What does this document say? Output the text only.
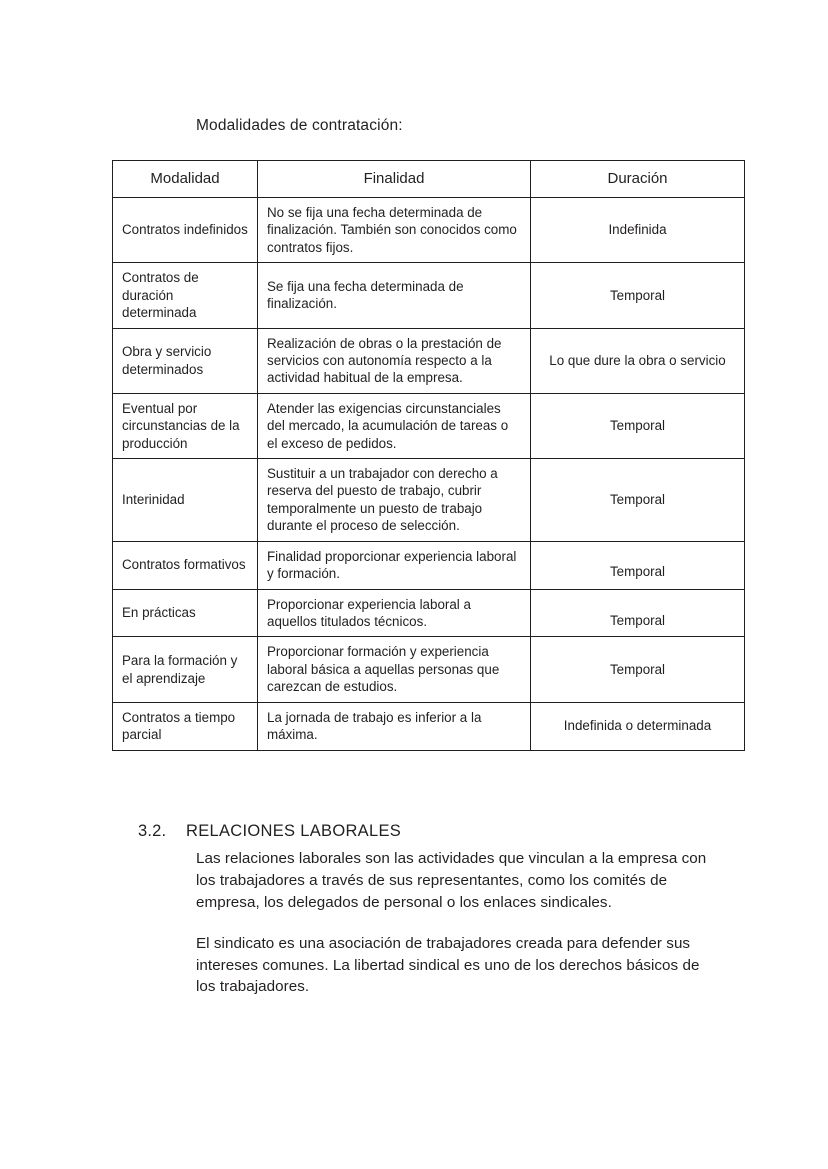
Modalidades de contratación:
Modalidad	Finalidad	Duración
Contratos indefinidos	No se fija una fecha determinada de finalización. También son conocidos como contratos fijos.	Indefinida
Contratos de duración determinada	Se fija una fecha determinada de finalización.	Temporal
Obra y servicio determinados	Realización de obras o la prestación de servicios con autonomía respecto a la actividad habitual de la empresa.	Lo que dure la obra o servicio
Eventual por circunstancias de la producción	Atender las exigencias circunstanciales del mercado, la acumulación de tareas o el exceso de pedidos.	Temporal
Interinidad	Sustituir a un trabajador con derecho a reserva del puesto de trabajo, cubrir temporalmente un puesto de trabajo durante el proceso de selección.	Temporal
Contratos formativos	Finalidad proporcionar experiencia laboral y formación.	Temporal
En prácticas	Proporcionar experiencia laboral a aquellos titulados técnicos.	Temporal
Para la formación y el aprendizaje	Proporcionar formación y experiencia laboral básica a aquellas personas que carezcan de estudios.	Temporal
Contratos a tiempo parcial	La jornada de trabajo es inferior a la máxima.	Indefinida o determinada
3.2. RELACIONES LABORALES

Las relaciones laborales son las actividades que vinculan a la empresa con los trabajadores a través de sus representantes, como los comités de empresa, los delegados de personal o los enlaces sindicales.

El sindicato es una asociación de trabajadores creada para defender sus intereses comunes. La libertad sindical es uno de los derechos básicos de los trabajadores.
